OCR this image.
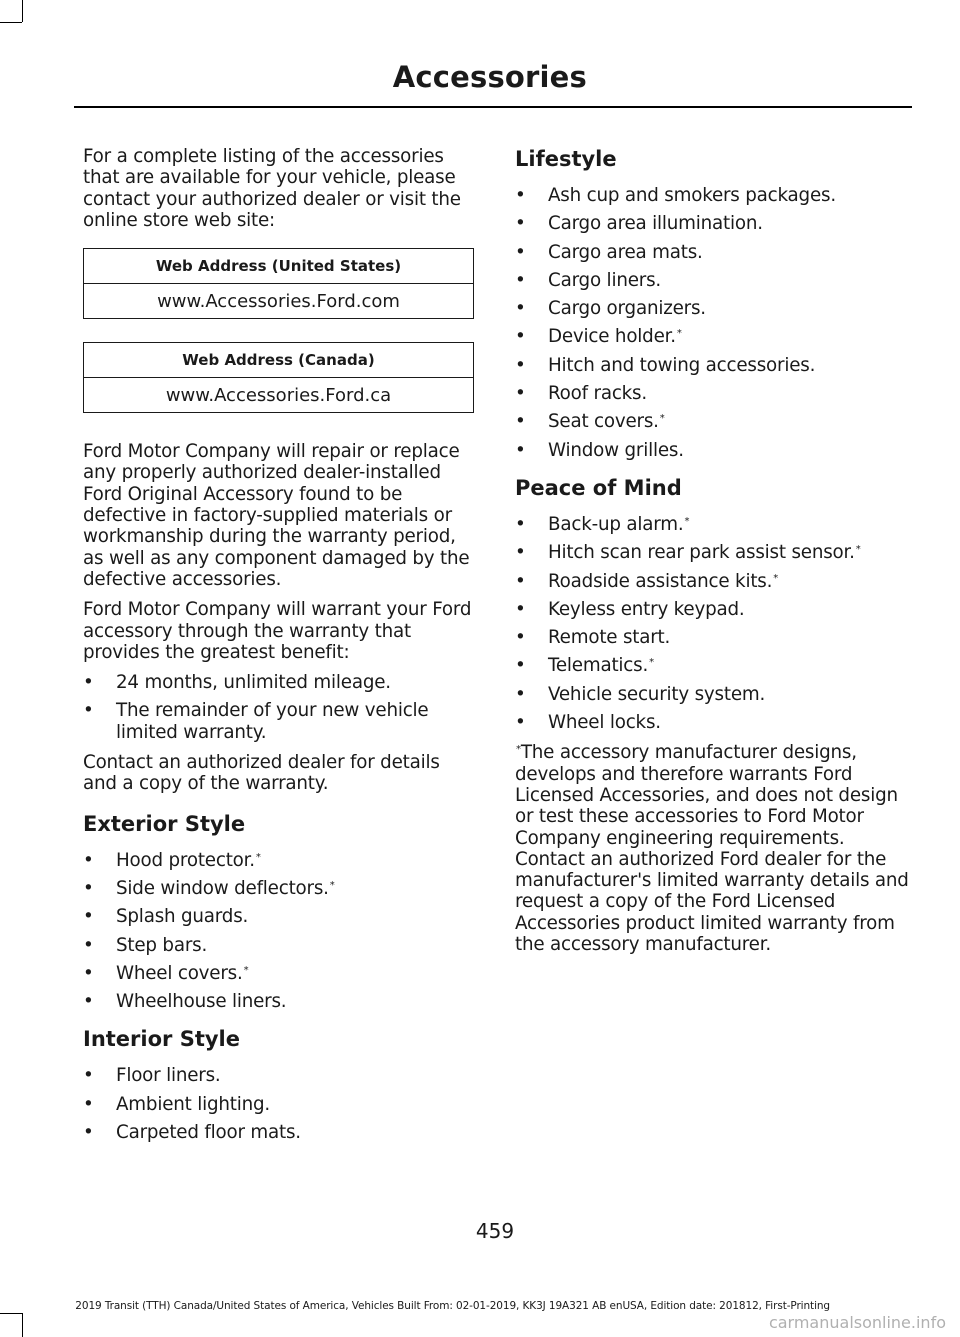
Accessories

For a complete listing of the accessories that are available for your vehicle, please contact your authorized dealer or visit the online store web site:

Web Address (United States)
www.Accessories.Ford.com
Web Address (Canada)
www.Accessories.Ford.ca

Ford Motor Company will repair or replace any properly authorized dealer-installed Ford Original Accessory found to be defective in factory-supplied materials or workmanship during the warranty period, as well as any component damaged by the defective accessories.

Ford Motor Company will warrant your Ford accessory through the warranty that provides the greatest benefit:

• 24 months, unlimited mileage.
• The remainder of your new vehicle limited warranty.

Contact an authorized dealer for details and a copy of the warranty.

Exterior Style
• Hood protector.*
• Side window deflectors.*
• Splash guards.
• Step bars.
• Wheel covers.*
• Wheelhouse liners.
Interior Style
• Floor liners.
• Ambient lighting.
• Carpeted floor mats.
Lifestyle
• Ash cup and smokers packages.
• Cargo area illumination.
• Cargo area mats.
• Cargo liners.
• Cargo organizers.
• Device holder.*
• Hitch and towing accessories.
• Roof racks.
• Seat covers.*
• Window grilles.
Peace of Mind
• Back-up alarm.*
• Hitch scan rear park assist sensor.*
• Roadside assistance kits.*
• Keyless entry keypad.
• Remote start.
• Telematics.*
• Vehicle security system.
• Wheel locks.

*The accessory manufacturer designs, develops and therefore warrants Ford Licensed Accessories, and does not design or test these accessories to Ford Motor Company engineering requirements. Contact an authorized Ford dealer for the manufacturer's limited warranty details and request a copy of the Ford Licensed Accessories product limited warranty from the accessory manufacturer.

459
2019 Transit (TTH) Canada/United States of America, Vehicles Built From: 02-01-2019, KK3J 19A321 AB enUSA, Edition date: 201812, First-Printing
carmanualsonline.info
